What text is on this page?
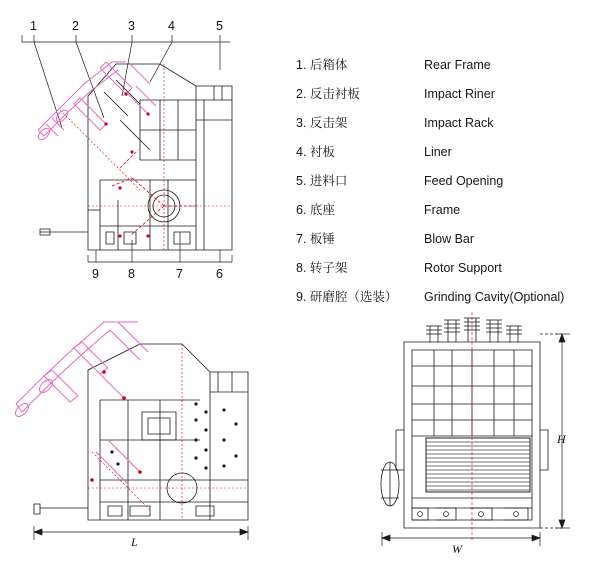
1	2	3	4	5
9 8	7	6
L	W
H
1. 后箱体	Rear Frame
2. 反击衬板	Impact Riner
3. 反击架	Impact Rack
4. 衬板	Liner
5. 进料口	Feed Opening
6. 底座	Frame
7. 板锤	Blow Bar
8. 转子架	Rotor Support
9. 研磨腔（选装）	Grinding Cavity(Optional)
